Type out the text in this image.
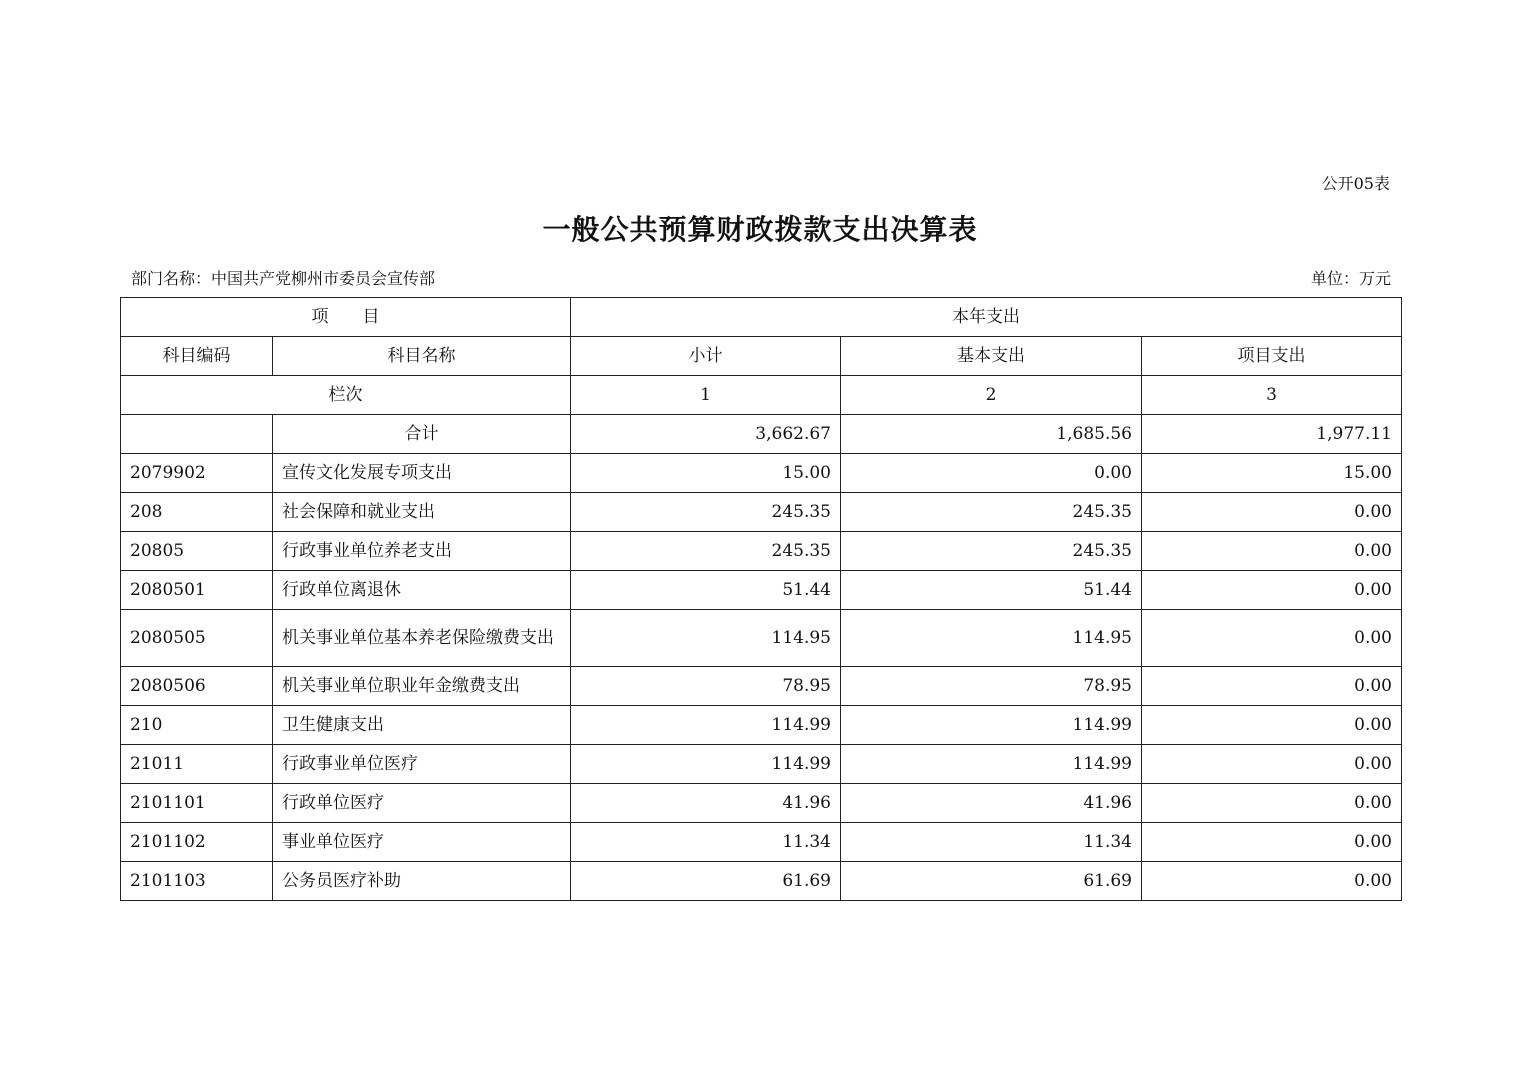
公开05表
一般公共预算财政拨款支出决算表
部门名称：中国共产党柳州市委员会宣传部	单位：万元
项　　目		本年支出		
科目编码	科目名称	小计	基本支出	项目支出
栏次		1	2	3
	合计	3,662.67	1,685.56	1,977.11
2079902	宣传文化发展专项支出	15.00	0.00	15.00
208	社会保障和就业支出	245.35	245.35	0.00
20805	行政事业单位养老支出	245.35	245.35	0.00
2080501	行政单位离退休	51.44	51.44	0.00
2080505	机关事业单位基本养老保险缴费支出	114.95	114.95	0.00
2080506	机关事业单位职业年金缴费支出	78.95	78.95	0.00
210	卫生健康支出	114.99	114.99	0.00
21011	行政事业单位医疗	114.99	114.99	0.00
2101101	行政单位医疗	41.96	41.96	0.00
2101102	事业单位医疗	11.34	11.34	0.00
2101103	公务员医疗补助	61.69	61.69	0.00
